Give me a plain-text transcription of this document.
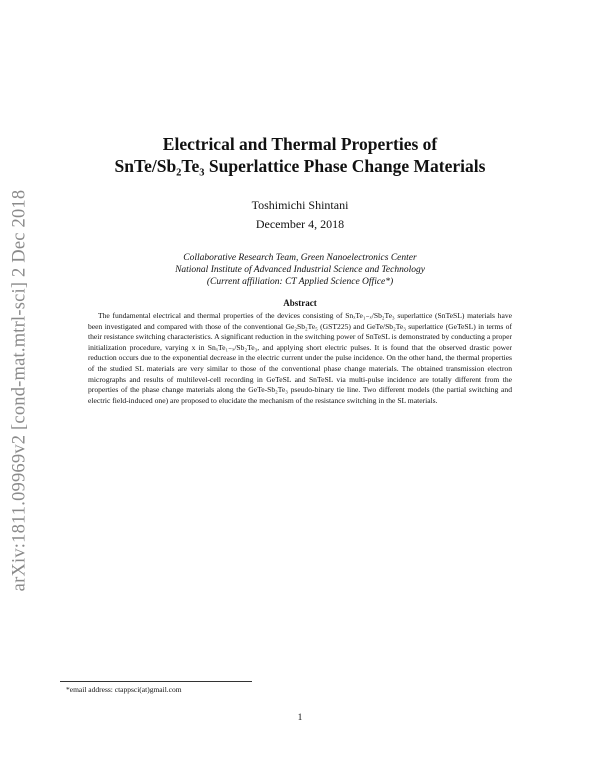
arXiv:1811.09969v2 [cond-mat.mtrl-sci] 2 Dec 2018
Electrical and Thermal Properties of
SnTe/Sb₂Te₃ Superlattice Phase Change Materials
Toshimichi Shintani
December 4, 2018
Collaborative Research Team, Green Nanoelectronics Center
National Institute of Advanced Industrial Science and Technology
(Current affiliation: CT Applied Science Office*)
Abstract

The fundamental electrical and thermal properties of the devices consisting of SnₓTe₁₋ₓ/Sb₂Te₃ superlattice (SnTeSL) materials have been investigated and compared with those of the conventional Ge₂Sb₂Te₅ (GST225) and GeTe/Sb₂Te₃ superlattice (GeTeSL) in terms of their resistance switching characteristics. A significant reduction in the switching power of SnTeSL is demonstrated by conducting a proper initialization procedure, varying x in SnₓTe₁₋ₓ/Sb₂Te₃, and applying short electric pulses. It is found that the observed drastic power reduction occurs due to the exponential decrease in the electric current under the pulse incidence. On the other hand, the thermal properties of the studied SL materials are very similar to those of the conventional phase change materials. The obtained transmission electron micrographs and results of multilevel-cell recording in GeTeSL and SnTeSL via multi-pulse incidence are totally different from the properties of the phase change materials along the GeTe-Sb₂Te₃ pseudo-binary tie line. Two different models (the partial switching and electric field-induced one) are proposed to elucidate the mechanism of the resistance switching in the SL materials.

*email address: ctappsci(at)gmail.com
1
